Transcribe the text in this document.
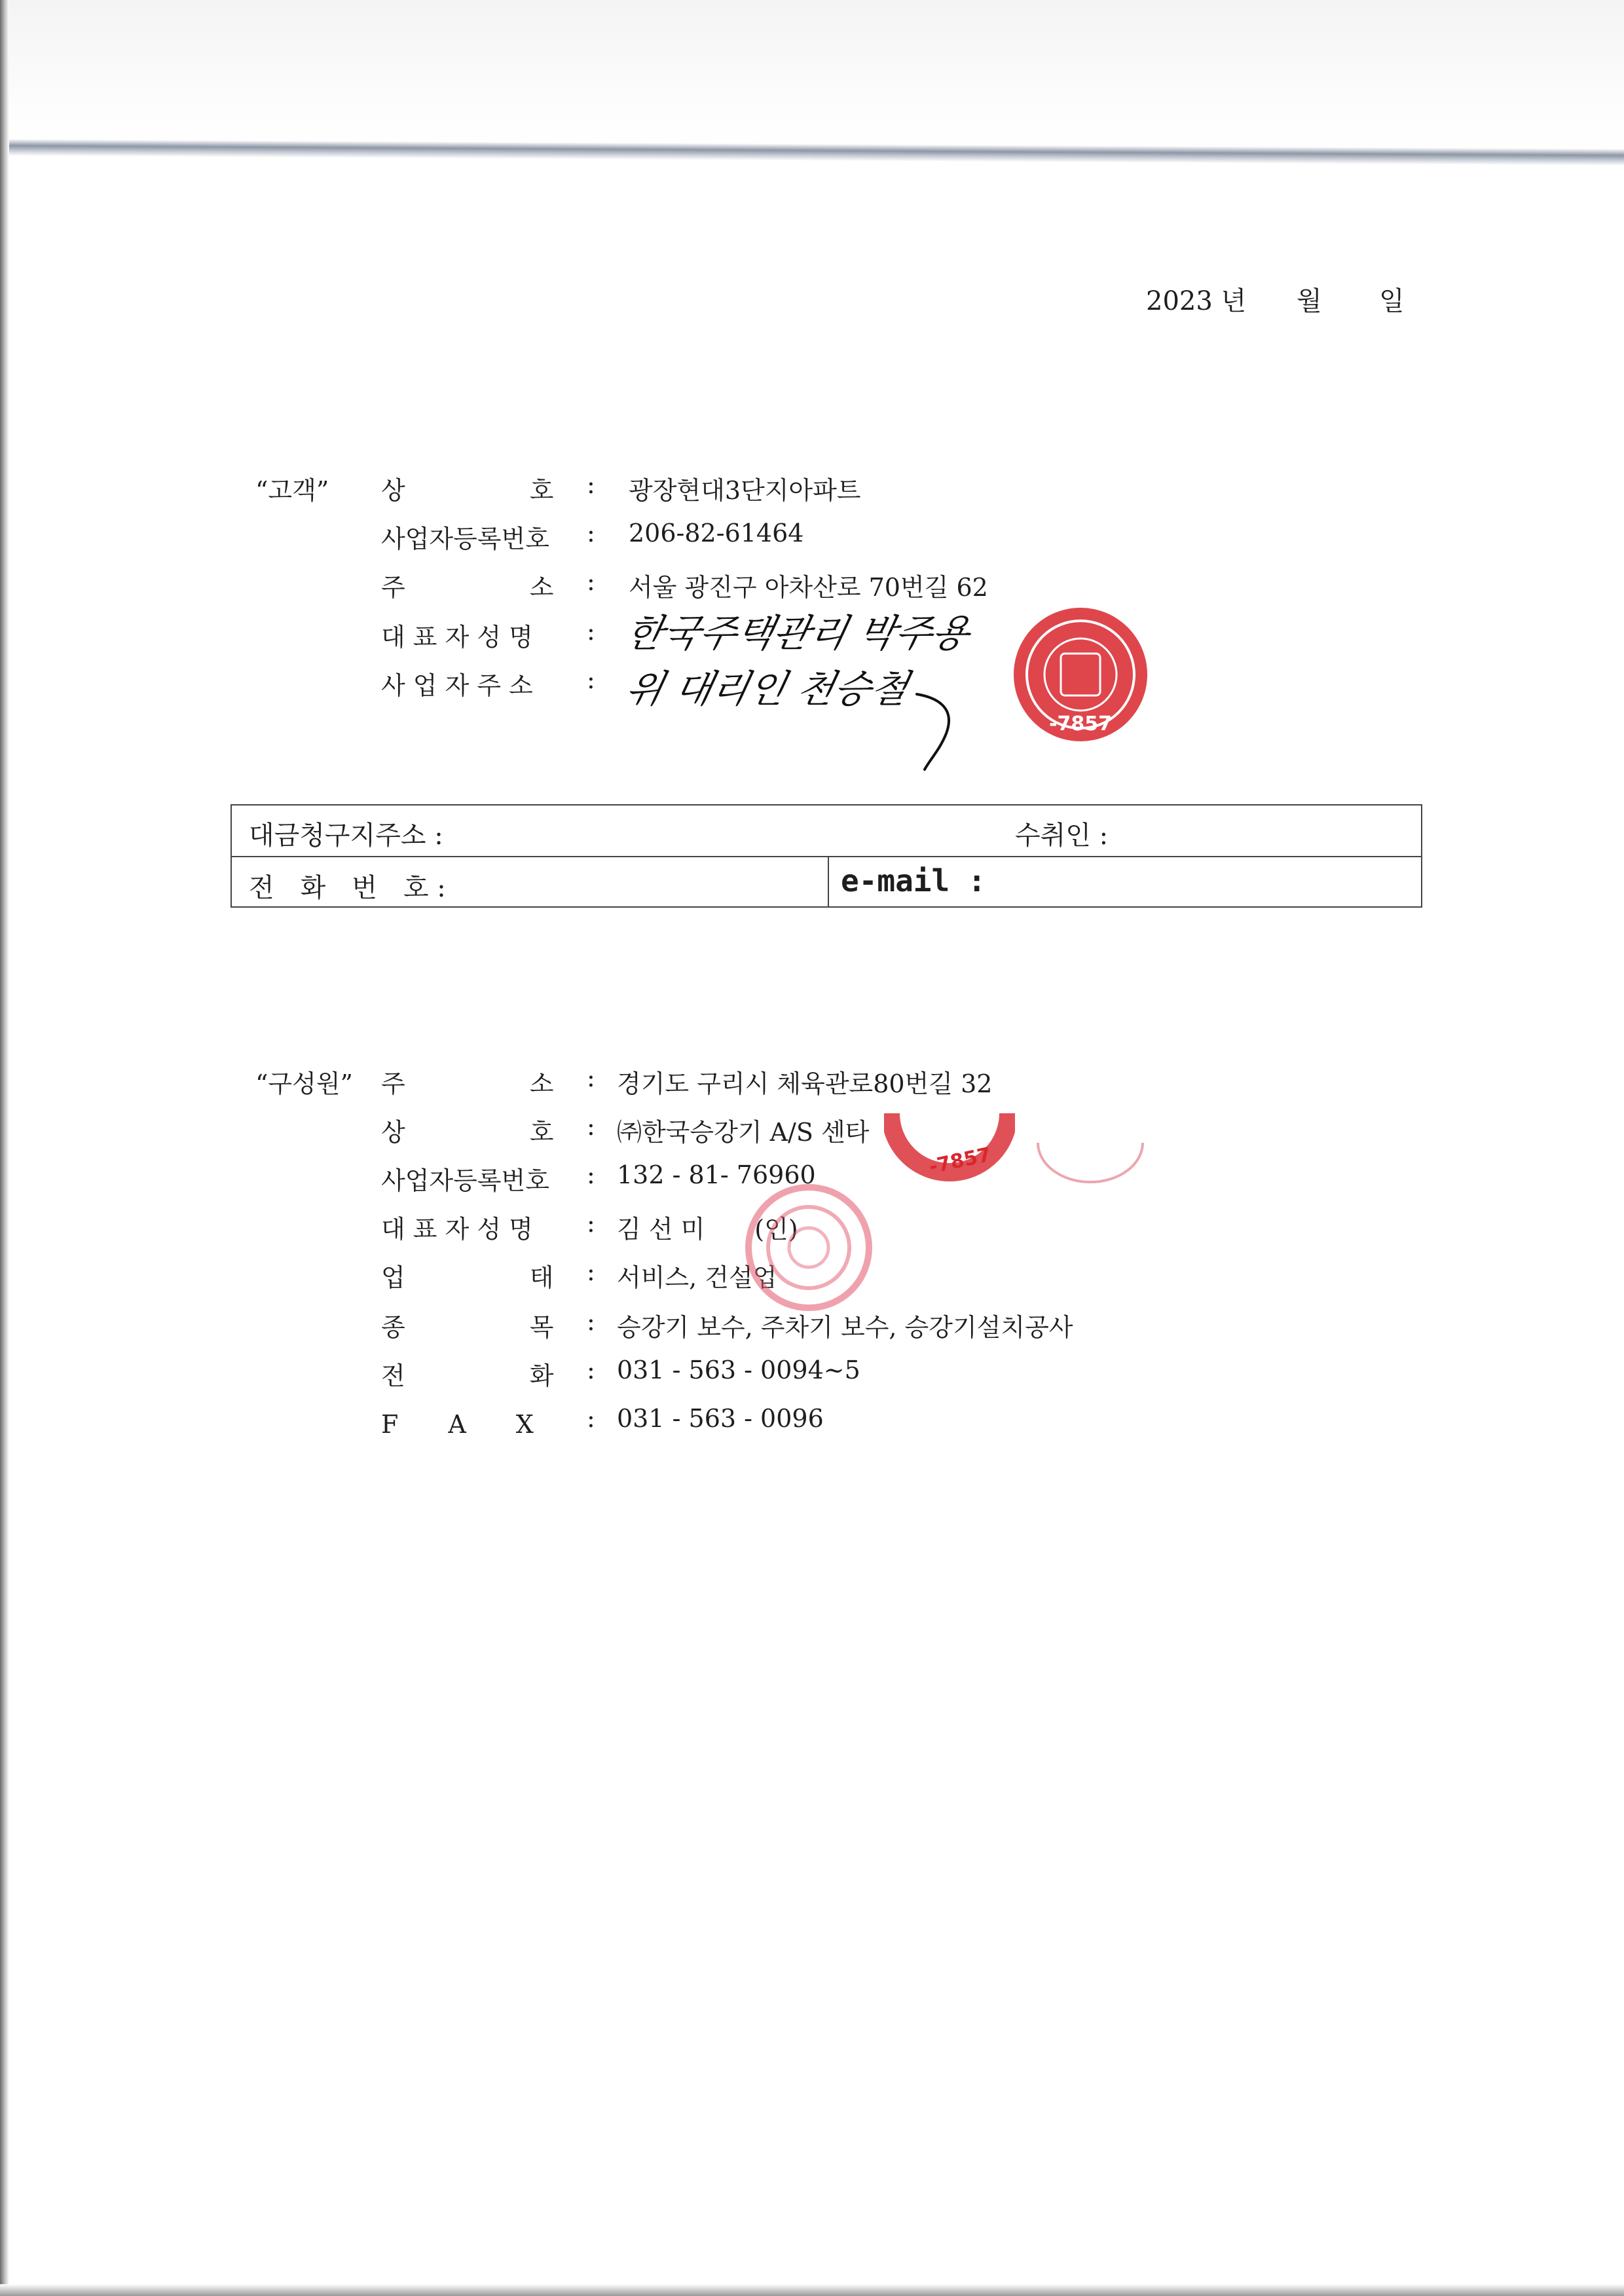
2023 년 월 일
“고객” 상　　　　　호 : 광장현대3단지아파트
사업자등록번호 : 206-82-61464
주　　　　　소 : 서울 광진구 아차산로 70번길 62
대 표 자 성 명 :
사 업 자 주 소 :
한국주택관리 박주용
위 대리인 천승철
-7857
대금청구지주소 :	수취인 :
전　화　번　호 :	e-mail :
“구성원” 주　　　　　소 : 경기도 구리시 체육관로80번길 32
상　　　　　호 : ㈜한국승강기 A/S 센타
사업자등록번호 : 132 - 81- 76960
대 표 자 성 명 : 김 선 미　　(인)
업　　　　　태 : 서비스, 건설업
종　　　　　목 : 승강기 보수, 주차기 보수, 승강기설치공사
전　　　　　화 : 031 - 563 - 0094~5
F　　A　　X : 031 - 563 - 0096
-7857
